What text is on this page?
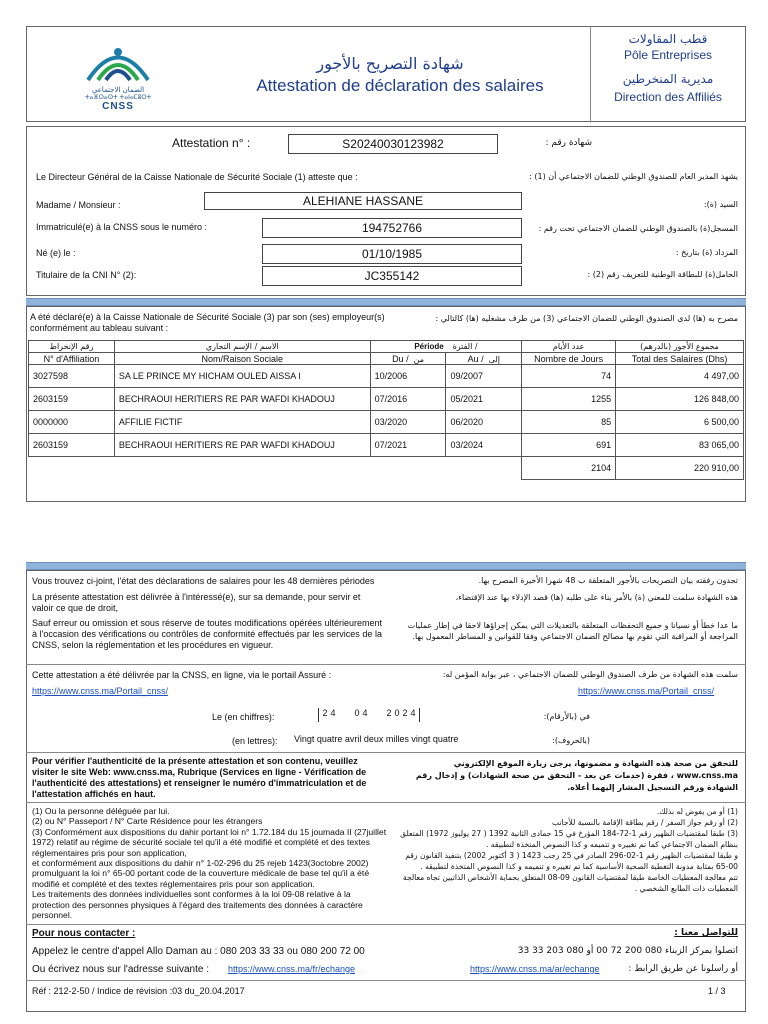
الضمان الاجتماعي
ⵜⴰⴼⵔⴰⵙⵜ ⵜⴰⵏⴰⵎⵓⵔⵜ
CNSS
شهادة التصريح بالأجور
Attestation de déclaration des salaires
قطب المقاولات
Pôle Entreprises
مديرية المنخرطين
Direction des Affiliés
Attestation n° :	S20240030123982	شهادة رقم :
Le Directeur Général de la Caisse Nationale de Sécurité Sociale (1) atteste que :	يشهد المدير العام للصندوق الوطني للضمان الاجتماعي أن (1) :
Madame / Monsieur :	ALEHIANE HASSANE	السيد (ة):
Immatriculé(e) à la CNSS sous le numéro :	194752766	المسجل(ة) بالصندوق الوطني للضمان الاجتماعي تحت رقم :
Né (e) le :	01/10/1985	المزداد (ة) بتاريخ :
Titulaire de la CNI N° (2):	JC355142	الحامل(ة) للبطاقة الوطنية للتعريف رقم (2) :
A été déclaré(e) à la Caisse Nationale de Sécurité Sociale (3) par son (ses) employeur(s) conformément au tableau suivant :
مصرح به (ها) لدى الصندوق الوطني للضمان الاجتماعي (3) من طرف مشغليه (ها) كالتالي :
رقم الإنخراط	الاسم / الإسم التجاري	Période الفترة /		عدد الأيام	مجموع الأجور (بالدرهم)
N° d'Affiliation	Nom/Raison Sociale	Du / من	Au / إلى	Nombre de Jours	Total des Salaires (Dhs)
3027598	SA LE PRINCE MY HICHAM OULED AISSA I	10/2006	09/2007	74	4 497,00
2603159	BECHRAOUI HERITIERS RE PAR WAFDI KHADOUJ	07/2016	05/2021	1255	126 848,00
0000000	AFFILIE FICTIF	03/2020	06/2020	85	6 500,00
2603159	BECHRAOUI HERITIERS RE PAR WAFDI KHADOUJ	07/2021	03/2024	691	83 065,00
				2104	220 910,00
Vous trouvez ci-joint, l'état des déclarations de salaires pour les 48 dernières périodes	تجدون رفقته بيان التصريحات بالأجور المتعلقة ب 48 شهرا الأخيرة المصرح بها.
La présente attestation est délivrée à l'intéressé(e), sur sa demande, pour servir et valoir ce que de droit,
هذه الشهادة سلمت للمعني (ة) بالأمر بناء على طلبه (ها) قصد الإدلاء بها عند الإقتضاء،
Sauf erreur ou omission et sous réserve de toutes modifications opérées ultérieurement à l'occasion des vérifications ou contrôles de conformité effectués par les services de la CNSS, selon la réglementation et les procédures en vigueur.
ما عدا خطأ أو نسيانا و جميع التحفظات المتعلقة بالتعديلات التي يمكن إجراؤها لاحقا في إطار عمليات المراجعة أو المراقبة التي تقوم بها مصالح الضمان الاجتماعي وفقا للقوانين و المساطر المعمول بها.
Cette attestation a été délivrée par la CNSS, en ligne, via le portail Assuré :	سلمت هذه الشهادة من طرف الصندوق الوطني للضمان الاجتماعي ، عبر بوابة المؤمن له:
https://www.cnss.ma/Portail_cnss/	https://www.cnss.ma/Portail_cnss/
Le (en chiffres):	2 4 0 4 2 0 2 4	في (بالأرقام):
(en lettres): Vingt quatre avril deux milles vingt quatre	(بالحروف):
Pour vérifier l'authenticité de la présente attestation et son contenu, veuillez visiter le site Web: www.cnss.ma, Rubrique (Services en ligne - Vérification de l'authenticité des attestations) et renseigner le numéro d'immatriculation et de l'attestation affichés en haut.
للتحقق من صحة هذه الشهادة و مضمونها، يرجى زيارة الموقع الإلكتروني www.cnss.ma ، فقرة (خدمات عن بعد - التحقق من صحة الشهادات) و إدخال رقم الشهادة ورقم التسجيل المشار إليهما أعلاه.
(1) Ou la personne déléguée par lui.
(2) ou N° Passeport / N° Carte Résidence pour les étrangers
(3) Conformément aux dispositions du dahir portant loi n° 1.72.184 du 15 joumada II (27juillet 1972) relatif au régime de sécurité sociale tel qu'il a été modifié et complété et des textes réglementaires pris pour son application,
et conformément aux dispositions du dahir n° 1-02-296 du 25 rejeb 1423(3octobre 2002) promulguant la loi n° 65-00 portant code de la couverture médicale de base tel qu'il a été modifié et complété et des textes réglementaires pris pour son application.
Les traitements des données individuelles sont conformes à la loi 09-08 relative à la protection des personnes physiques à l'égard des traitements des données à caractère personnel.
(1) أو من يفوض له بذلك.
(2) أو رقم جواز السفر / رقم بطاقة الإقامة بالنسبة للأجانب
(3) طبقا لمقتضيات الظهير رقم 1-72-184 المؤرخ في 15 جمادى الثانية 1392 ( 27 يوليوز 1972) المتعلق بنظام الضمان الاجتماعي كما تم تغييره و تتميمه و كذا النصوص المتخذة لتطبيقه .
و طبقا لمقتضيات الظهير رقم 1-02-296 الصادر في 25 رجب 1423 ( 3 أكتوبر 2002) بتنفيذ القانون رقم 00-65 بمثابة مدونة التغطية الصحية الأساسية كما تم تغييره و تتميمه و كذا النصوص المتخذة لتطبيقه .
تتم معالجة المعطيات الخاصة طبقا لمقتضيات القانون 09-08 المتعلق بحماية الأشخاص الذاتيين تجاه معالجة المعطيات ذات الطابع الشخصي .
Pour nous contacter :	للتواصل معنا :
Appelez le centre d'appel Allo Daman au : 080 203 33 33 ou 080 200 72 00	اتصلوا بمركز الزبناء 080 200 72 00 أو 080 203 33 33
Ou écrivez nous sur l'adresse suivante : https://www.cnss.ma/fr/echange	https://www.cnss.ma/ar/echange	أو راسلونا عن طريق الرابط :
Réf : 212-2-50 / Indice de révision :03 du_20.04.2017	1 / 3
